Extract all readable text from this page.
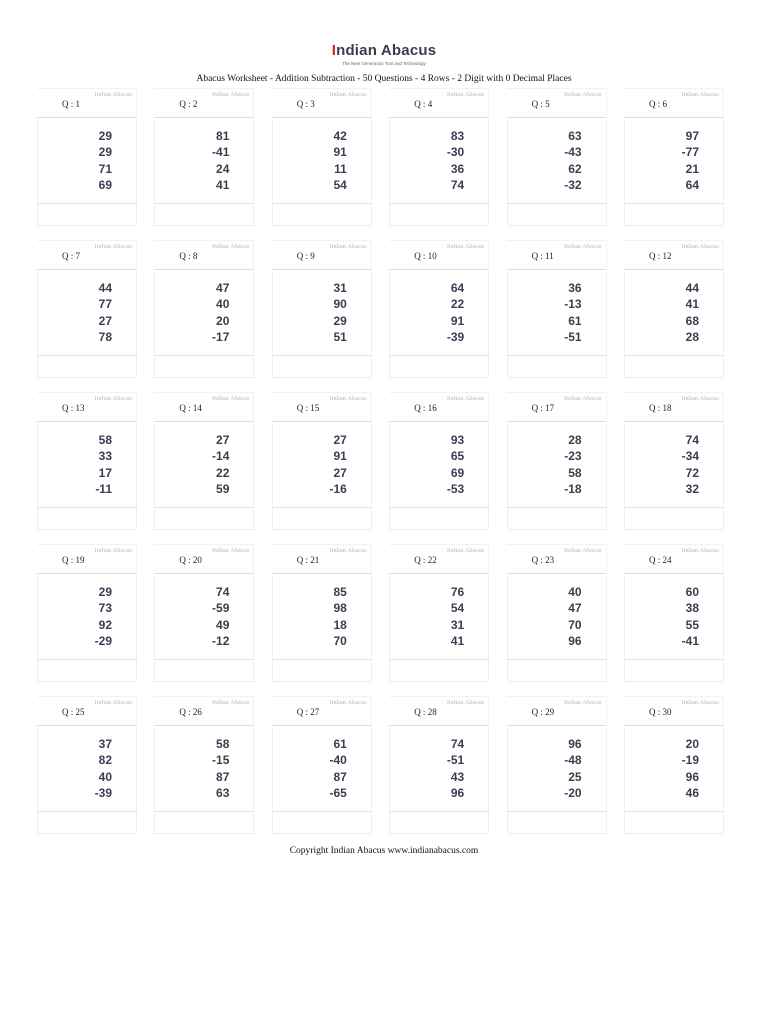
Indian Abacus
The New Generation Tool and Technology
Abacus Worksheet - Addition Subtraction - 50 Questions - 4 Rows - 2 Digit with 0 Decimal Places
Indian Abacus
Q : 1
29
29
71
69
Indian Abacus
Q : 2
81
-41
24
41
Indian Abacus
Q : 3
42
91
11
54
Indian Abacus
Q : 4
83
-30
36
74
Indian Abacus
Q : 5
63
-43
62
-32
Indian Abacus
Q : 6
97
-77
21
64
Indian Abacus
Q : 7
44
77
27
78
Indian Abacus
Q : 8
47
40
20
-17
Indian Abacus
Q : 9
31
90
29
51
Indian Abacus
Q : 10
64
22
91
-39
Indian Abacus
Q : 11
36
-13
61
-51
Indian Abacus
Q : 12
44
41
68
28
Indian Abacus
Q : 13
58
33
17
-11
Indian Abacus
Q : 14
27
-14
22
59
Indian Abacus
Q : 15
27
91
27
-16
Indian Abacus
Q : 16
93
65
69
-53
Indian Abacus
Q : 17
28
-23
58
-18
Indian Abacus
Q : 18
74
-34
72
32
Indian Abacus
Q : 19
29
73
92
-29
Indian Abacus
Q : 20
74
-59
49
-12
Indian Abacus
Q : 21
85
98
18
70
Indian Abacus
Q : 22
76
54
31
41
Indian Abacus
Q : 23
40
47
70
96
Indian Abacus
Q : 24
60
38
55
-41
Indian Abacus
Q : 25
37
82
40
-39
Indian Abacus
Q : 26
58
-15
87
63
Indian Abacus
Q : 27
61
-40
87
-65
Indian Abacus
Q : 28
74
-51
43
96
Indian Abacus
Q : 29
96
-48
25
-20
Indian Abacus
Q : 30
20
-19
96
46
Copyright Indian Abacus www.indianabacus.com
